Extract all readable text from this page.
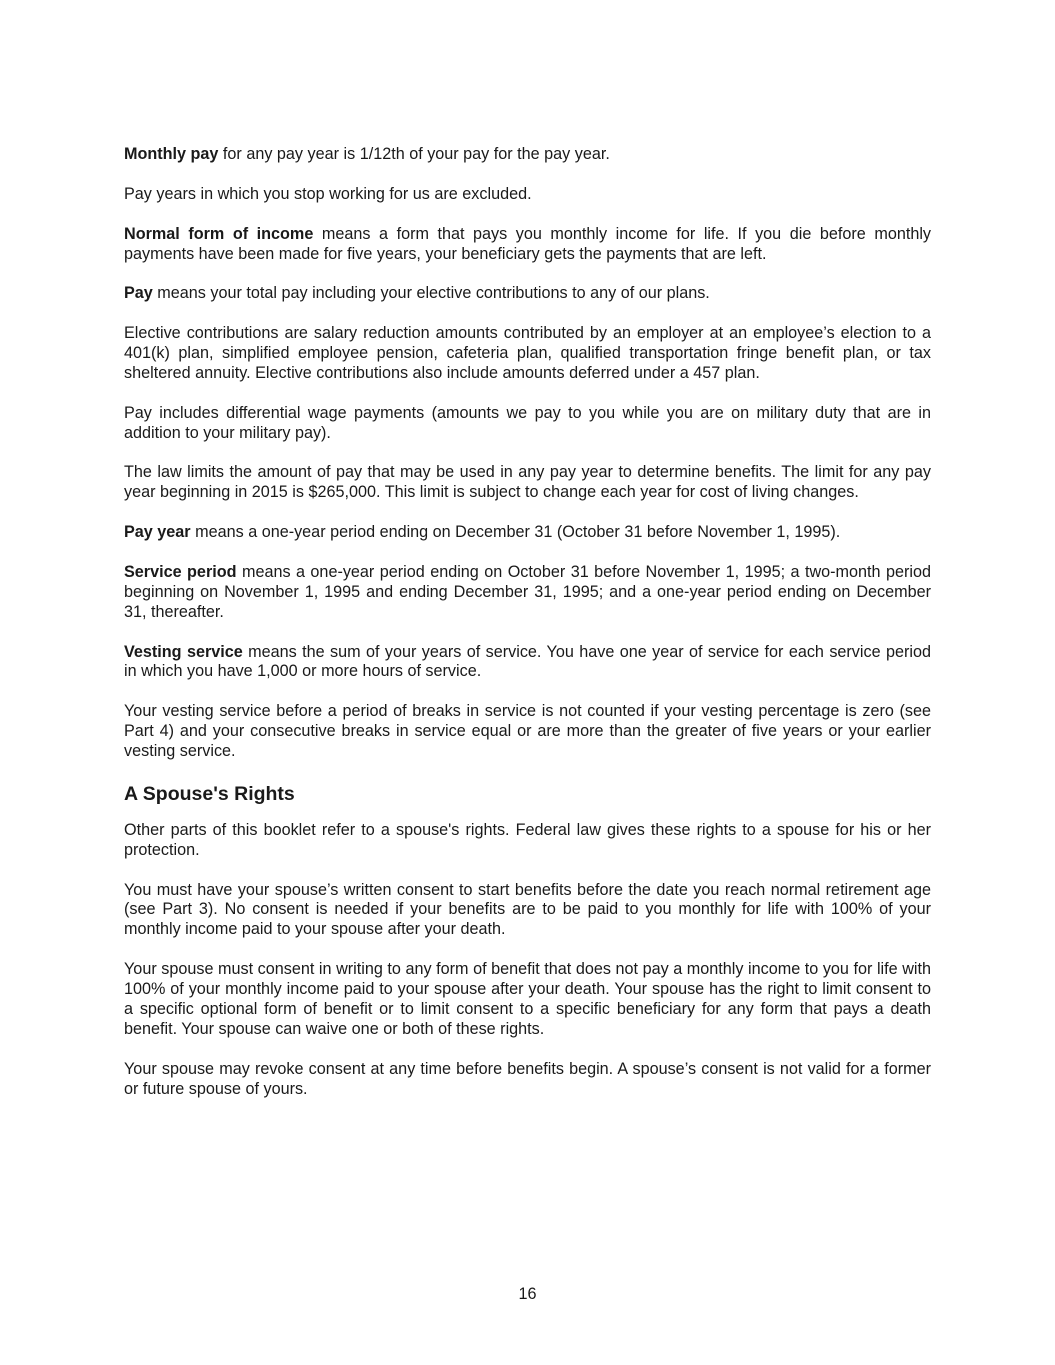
Monthly pay for any pay year is 1/12th of your pay for the pay year.

Pay years in which you stop working for us are excluded.

Normal form of income means a form that pays you monthly income for life. If you die before monthly payments have been made for five years, your beneficiary gets the payments that are left.

Pay means your total pay including your elective contributions to any of our plans.

Elective contributions are salary reduction amounts contributed by an employer at an employee’s election to a 401(k) plan, simplified employee pension, cafeteria plan, qualified transportation fringe benefit plan, or tax sheltered annuity. Elective contributions also include amounts deferred under a 457 plan.

Pay includes differential wage payments (amounts we pay to you while you are on military duty that are in addition to your military pay).

The law limits the amount of pay that may be used in any pay year to determine benefits. The limit for any pay year beginning in 2015 is $265,000. This limit is subject to change each year for cost of living changes.

Pay year means a one-year period ending on December 31 (October 31 before November 1, 1995).

Service period means a one-year period ending on October 31 before November 1, 1995; a two-month period beginning on November 1, 1995 and ending December 31, 1995; and a one-year period ending on December 31, thereafter.

Vesting service means the sum of your years of service. You have one year of service for each service period in which you have 1,000 or more hours of service.

Your vesting service before a period of breaks in service is not counted if your vesting percentage is zero (see Part 4) and your consecutive breaks in service equal or are more than the greater of five years or your earlier vesting service.

A Spouse's Rights

Other parts of this booklet refer to a spouse's rights. Federal law gives these rights to a spouse for his or her protection.

You must have your spouse’s written consent to start benefits before the date you reach normal retirement age (see Part 3). No consent is needed if your benefits are to be paid to you monthly for life with 100% of your monthly income paid to your spouse after your death.

Your spouse must consent in writing to any form of benefit that does not pay a monthly income to you for life with 100% of your monthly income paid to your spouse after your death. Your spouse has the right to limit consent to a specific optional form of benefit or to limit consent to a specific beneficiary for any form that pays a death benefit. Your spouse can waive one or both of these rights.

Your spouse may revoke consent at any time before benefits begin. A spouse’s consent is not valid for a former or future spouse of yours.

16
